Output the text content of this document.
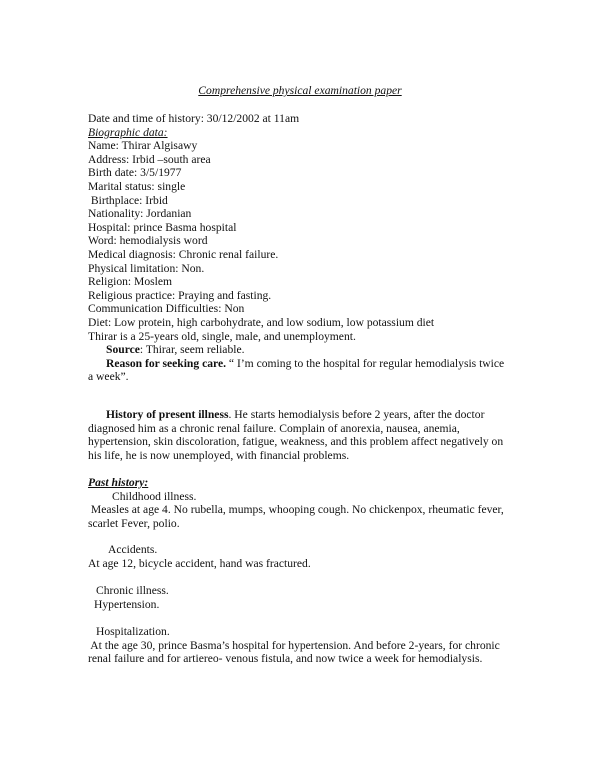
Comprehensive physical examination paper
Date and time of history: 30/12/2002 at 11am
Biographic data:
Name: Thirar Algisawy
Address: Irbid –south area
Birth date: 3/5/1977
Marital status: single
Birthplace: Irbid
Nationality: Jordanian
Hospital: prince Basma hospital
Word: hemodialysis word
Medical diagnosis: Chronic renal failure.
Physical limitation: Non.
Religion: Moslem
Religious practice: Praying and fasting.
Communication Difficulties: Non
Diet: Low protein, high carbohydrate, and low sodium, low potassium diet
Thirar is a 25-years old, single, male, and unemployment.
Source: Thirar, seem reliable.
Reason for seeking care. “ I’m coming to the hospital for regular hemodialysis twice
a week”.
History of present illness. He starts hemodialysis before 2 years, after the doctor
diagnosed him as a chronic renal failure. Complain of anorexia, nausea, anemia,
hypertension, skin discoloration, fatigue, weakness, and this problem affect negatively on
his life, he is now unemployed, with financial problems.
Past history:
Childhood illness.
Measles at age 4. No rubella, mumps, whooping cough. No chickenpox, rheumatic fever,
scarlet Fever, polio.
Accidents.
At age 12, bicycle accident, hand was fractured.
Chronic illness.
Hypertension.
Hospitalization.
At the age 30, prince Basma’s hospital for hypertension. And before 2-years, for chronic
renal failure and for artiereo- venous fistula, and now twice a week for hemodialysis.
